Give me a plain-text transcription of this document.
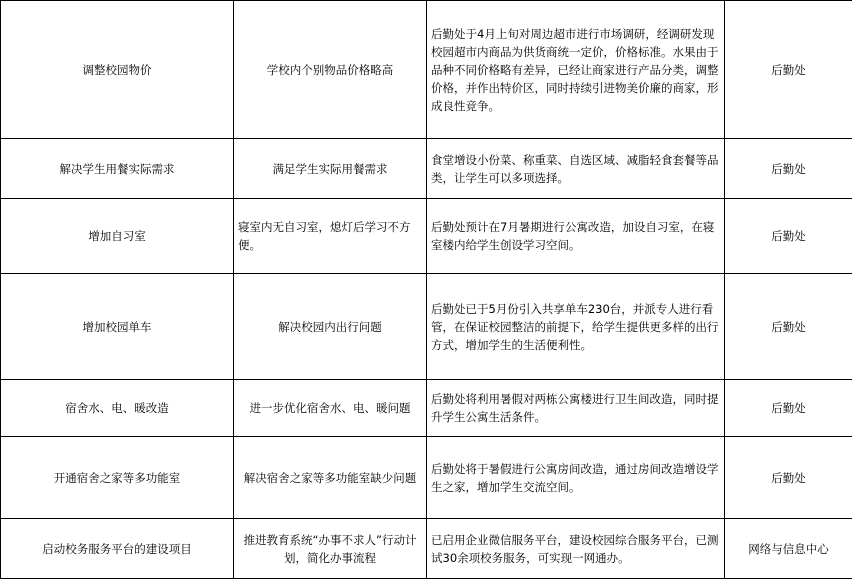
调整校园物价	学校内个别物品价格略高	后勤处于4月上旬对周边超市进行市场调研，经调研发现校园超市内商品为供货商统一定价，价格标准。水果由于品种不同价格略有差异，已经让商家进行产品分类，调整价格，并作出特价区，同时持续引进物美价廉的商家，形成良性竞争。	后勤处
解决学生用餐实际需求	满足学生实际用餐需求	食堂增设小份菜、称重菜、自选区域、减脂轻食套餐等品类，让学生可以多项选择。	后勤处
增加自习室	寝室内无自习室，熄灯后学习不方便。	后勤处预计在7月暑期进行公寓改造，加设自习室，在寝室楼内给学生创设学习空间。	后勤处
增加校园单车	解决校园内出行问题	后勤处已于5月份引入共享单车230台，并派专人进行看管，在保证校园整洁的前提下，给学生提供更多样的出行方式，增加学生的生活便利性。	后勤处
宿舍水、电、暖改造	进一步优化宿舍水、电、暖问题	后勤处将利用暑假对两栋公寓楼进行卫生间改造，同时提升学生公寓生活条件。	后勤处
开通宿舍之家等多功能室	解决宿舍之家等多功能室缺少问题	后勤处将于暑假进行公寓房间改造，通过房间改造增设学生之家，增加学生交流空间。	后勤处
启动校务服务平台的建设项目	推进教育系统“办事不求人”行动计划，简化办事流程	已启用企业微信服务平台，建设校园综合服务平台，已测试30余项校务服务，可实现一网通办。	网络与信息中心
